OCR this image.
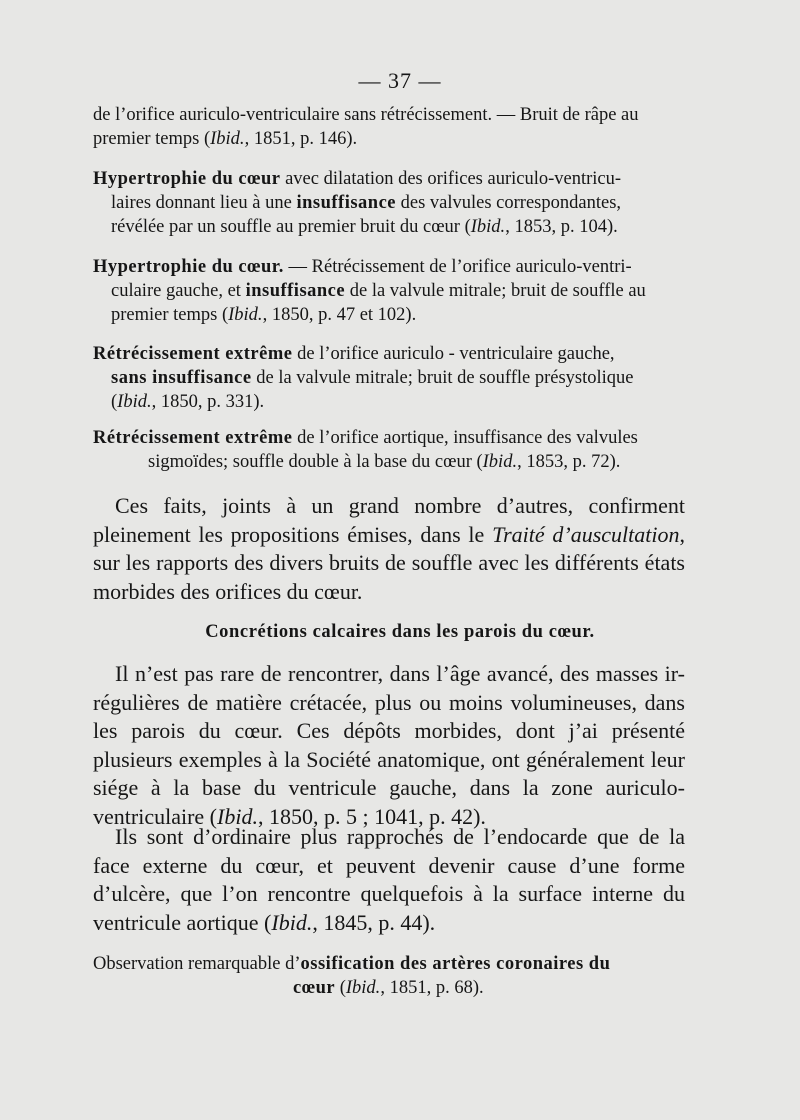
— 37 —
de l’orifice auriculo-ventriculaire sans rétrécissement. — Bruit de râpe au
premier temps (Ibid., 1851, p. 146).
Hypertrophie du cœur avec dilatation des orifices auriculo-ventricu-
laires donnant lieu à une insuffisance des valvules correspondantes,
révélée par un souffle au premier bruit du cœur (Ibid., 1853, p. 104).
Hypertrophie du cœur. — Rétrécissement de l’orifice auriculo-ventri-
culaire gauche, et insuffisance de la valvule mitrale; bruit de souffle au
premier temps (Ibid., 1850, p. 47 et 102).
Rétrécissement extrême de l’orifice auriculo - ventriculaire gauche,
sans insuffisance de la valvule mitrale; bruit de souffle présystolique
(Ibid., 1850, p. 331).
Rétrécissement extrême de l’orifice aortique, insuffisance des valvules
sigmoïdes; souffle double à la base du cœur (Ibid., 1853, p. 72).
Ces faits, joints à un grand nombre d’autres, confirment pleinement les propositions émises, dans le Traité d’auscultation, sur les rapports des divers bruits de souffle avec les différents états morbides des orifices du cœur.
Concrétions calcaires dans les parois du cœur.
Il n’est pas rare de rencontrer, dans l’âge avancé, des masses ir-régulières de matière crétacée, plus ou moins volumineuses, dans les parois du cœur. Ces dépôts morbides, dont j’ai présenté plusieurs exemples à la Société anatomique, ont généralement leur siége à la base du ventricule gauche, dans la zone auriculo-ventriculaire (Ibid., 1850, p. 5 ; 1041, p. 42).
Ils sont d’ordinaire plus rapprochés de l’endocarde que de la face externe du cœur, et peuvent devenir cause d’une forme d’ulcère, que l’on rencontre quelquefois à la surface interne du ventricule aortique (Ibid., 1845, p. 44).
Observation remarquable d’ossification des artères coronaires du

cœur (Ibid., 1851, p. 68).
